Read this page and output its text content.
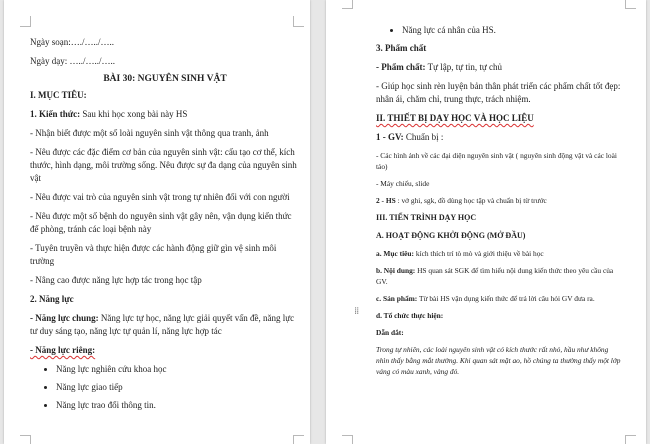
Ngày soạn:…./…../…..

Ngày dạy: …../…../…..

BÀI 30: NGUYÊN SINH VẬT

I. MỤC TIÊU:

1. Kiến thức: Sau khi học xong bài này HS

- Nhận biết được một số loài nguyên sinh vật thông qua tranh, ảnh

- Nêu được các đặc điểm cơ bản của nguyên sinh vật: cấu tạo cơ thể, kích thước, hình dạng, môi trường sống. Nêu được sự đa dạng của nguyên sinh vật

- Nêu được vai trò của nguyên sinh vật trong tự nhiên đối với con người

- Nêu được một số bệnh do nguyên sinh vật gây nên, vận dụng kiến thức để phòng, tránh các loại bệnh này

- Tuyên truyền và thực hiện được các hành động giữ gìn vệ sinh môi trường

- Nâng cao được năng lực hợp tác trong học tập

2. Năng lực

- Năng lực chung: Năng lực tự học, năng lực giải quyết vấn đề, năng lực tư duy sáng tạo, năng lực tự quản lí, năng lực hợp tác

- Năng lực riêng:

• Năng lực nghiên cứu khoa học
• Năng lực giao tiếp
• Năng lực trao đổi thông tin.
• Năng lực cá nhân của HS.

3. Phẩm chất

- Phẩm chất: Tự lập, tự tin, tự chủ

- Giúp học sinh rèn luyện bản thân phát triển các phẩm chất tốt đẹp: nhân ái, chăm chỉ, trung thực, trách nhiệm.

II. THIẾT BỊ DẠY HỌC VÀ HỌC LIỆU

1 - GV: Chuẩn bị :

- Các hình ảnh về các đại diện nguyên sinh vật ( nguyên sinh động vật và các loài tảo)

- Máy chiếu, slide

2 - HS : vở ghi, sgk, đồ dùng học tập và chuẩn bị từ trước

III. TIẾN TRÌNH DẠY HỌC

A. HOẠT ĐỘNG KHỞI ĐỘNG (MỞ ĐẦU)

a. Mục tiêu: kích thích trí tò mò và giới thiệu về bài học

b. Nội dung: HS quan sát SGK để tìm hiểu nội dung kiến thức theo yêu cầu của GV.

c. Sản phẩm: Từ bài HS vận dụng kiến thức để trả lời câu hỏi GV đưa ra.

d. Tổ chức thực hiện:

Dẫn dắt:

Trong tự nhiên, các loài nguyên sinh vật có kích thước rất nhỏ, hầu như không nhìn thấy bằng mắt thường. Khi quan sát mặt ao, hồ chúng ta thường thấy một lớp váng có màu xanh, vàng đỏ.

⁞⁞
